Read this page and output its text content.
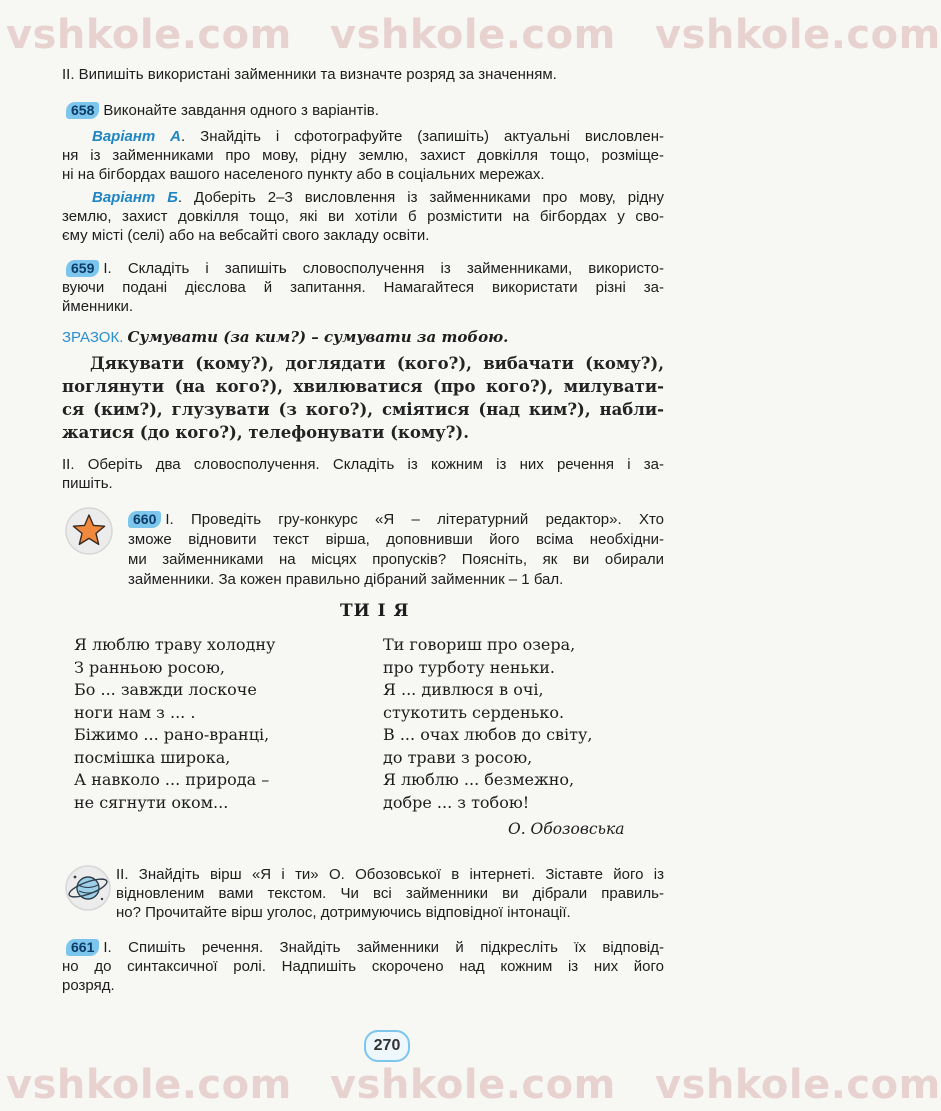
II. Випишіть використані займенники та визначте розряд за значенням.
658 Виконайте завдання одного з варіантів.
Варіант А. Знайдіть і сфотографуйте (запишіть) актуальні висловлен-
ня із займенниками про мову, рідну землю, захист довкілля тощо, розміще-
ні на бігбордах вашого населеного пункту або в соціальних мережах.
Варіант Б. Доберіть 2–3 висловлення із займенниками про мову, рідну
землю, захист довкілля тощо, які ви хотіли б розмістити на бігбордах у сво-
єму місті (селі) або на вебсайті свого закладу освіти.
659 І. Складіть і запишіть словосполучення із займенниками, використо-
вуючи подані дієслова й запитання. Намагайтеся використати різні за-
йменники.
ЗРАЗОК. Сумувати (за ким?) – сумувати за тобою.
Дякувати (кому?), доглядати (кого?), вибачати (кому?),
поглянути (на кого?), хвилюватися (про кого?), милувати-
ся (ким?), глузувати (з кого?), сміятися (над ким?), набли-
жатися (до кого?), телефонувати (кому?).
ІІ. Оберіть два словосполучення. Складіть із кожним із них речення і за-
пишіть.
660 І. Проведіть гру-конкурс «Я – літературний редактор». Хто
зможе відновити текст вірша, доповнивши його всіма необхідни-
ми займенниками на місцях пропусків? Поясніть, як ви обирали
займенники. За кожен правильно дібраний займенник – 1 бал.
ТИ І Я
Я люблю траву холодну
З ранньою росою,
Бо ... завжди лоскоче
ноги нам з ... .
Біжимо ... рано-вранці,
посмішка широка,
А навколо ... природа –
не сягнути оком...
Ти говориш про озера,
про турботу неньки.
Я ... дивлюся в очі,
стукотить серденько.
В ... очах любов до світу,
до трави з росою,
Я люблю ... безмежно,
добре ... з тобою!
О. Обозовська
ІІ. Знайдіть вірш «Я і ти» О. Обозовської в інтернеті. Зіставте його із
відновленим вами текстом. Чи всі займенники ви дібрали правиль-
но? Прочитайте вірш уголос, дотримуючись відповідної інтонації.
661 І. Спишіть речення. Знайдіть займенники й підкресліть їх відповід-
но до синтаксичної ролі. Надпишіть скорочено над кожним із них його
розряд.
270
vshkole.com vshkole.com vshkole.com
vshkole.com vshkole.com vshkole.com
